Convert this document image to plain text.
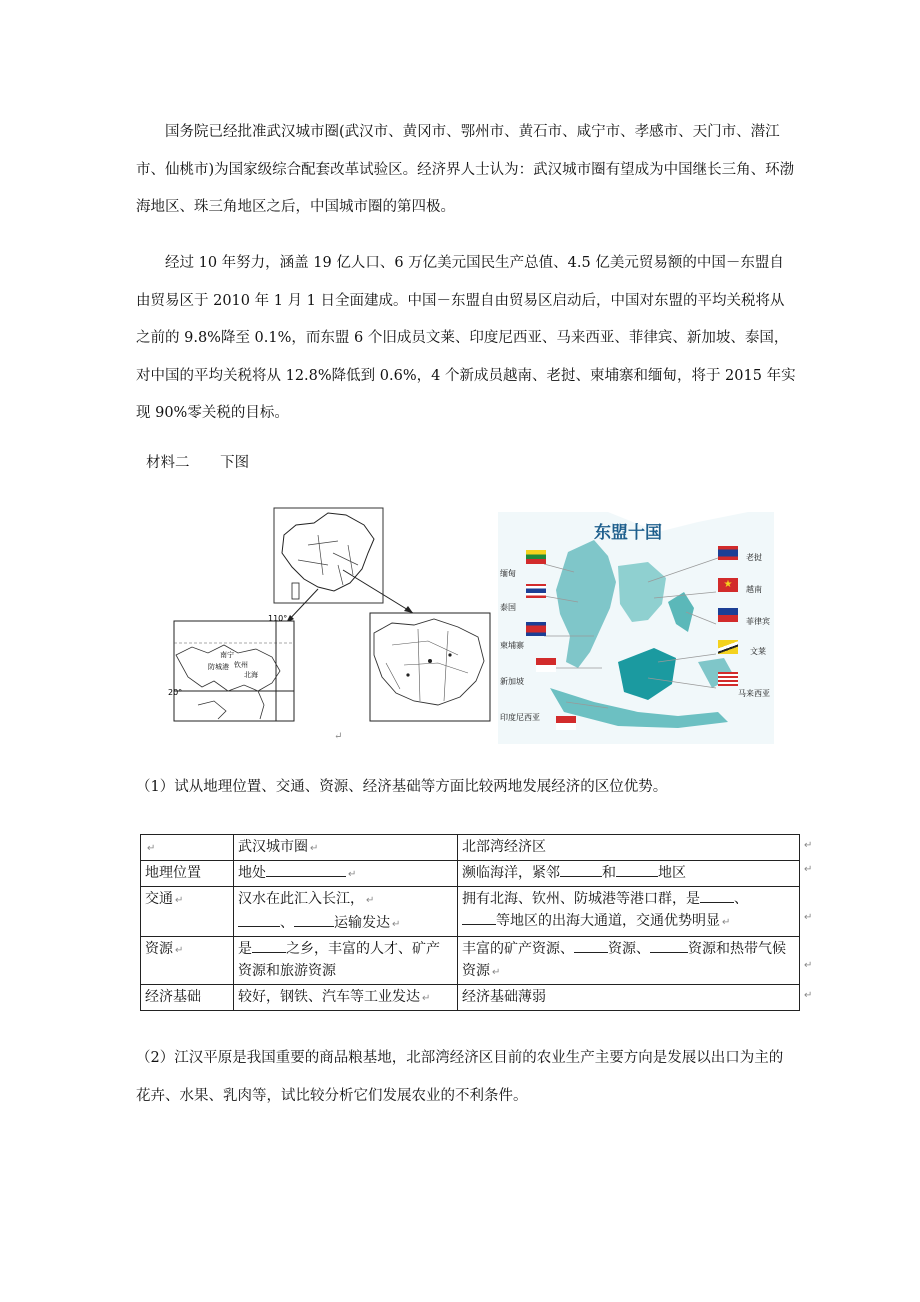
国务院已经批准武汉城市圈(武汉市、黄冈市、鄂州市、黄石市、咸宁市、孝感市、天门市、潜江市、仙桃市)为国家级综合配套改革试验区。经济界人士认为：武汉城市圈有望成为中国继长三角、环渤海地区、珠三角地区之后，中国城市圈的第四极。

经过 10 年努力，涵盖 19 亿人口、6 万亿美元国民生产总值、4.5 亿美元贸易额的中国－东盟自由贸易区于 2010 年 1 月 1 日全面建成。中国－东盟自由贸易区启动后，中国对东盟的平均关税将从之前的 9.8%降至 0.1%，而东盟 6 个旧成员文莱、印度尼西亚、马来西亚、菲律宾、新加坡、泰国，对中国的平均关税将从 12.8%降低到 0.6%，4 个新成员越南、老挝、柬埔寨和缅甸，将于 2015 年实现 90%零关税的目标。

材料二 下图
110°
20°
南宁
防城港 钦州
北海
东盟十国
缅甸
泰国
柬埔寨
新加坡
印度尼西亚
老挝
★	越南
菲律宾
文莱
马来西亚
↵
（1）试从地理位置、交通、资源、经济基础等方面比较两地发展经济的区位优势。
↵	武汉城市圈 ↵	北部湾经济区
地理位置	地处 ↵	濒临海洋，紧邻 和 地区
交通 ↵	汉水在此汇入长江， ↵
、 运输发达 ↵	拥有北海、钦州、防城港等港口群，是 、
等地区的出海大通道，交通优势明显 ↵
资源 ↵	是 之乡，丰富的人才、矿产资源和旅游资源	丰富的矿产资源、 资源、 资源和热带气候资源 ↵
经济基础	较好，钢铁、汽车等工业发达 ↵	经济基础薄弱
↵
↵
↵
↵
↵
（2）江汉平原是我国重要的商品粮基地，北部湾经济区目前的农业生产主要方向是发展以出口为主的花卉、水果、乳肉等，试比较分析它们发展农业的不利条件。
